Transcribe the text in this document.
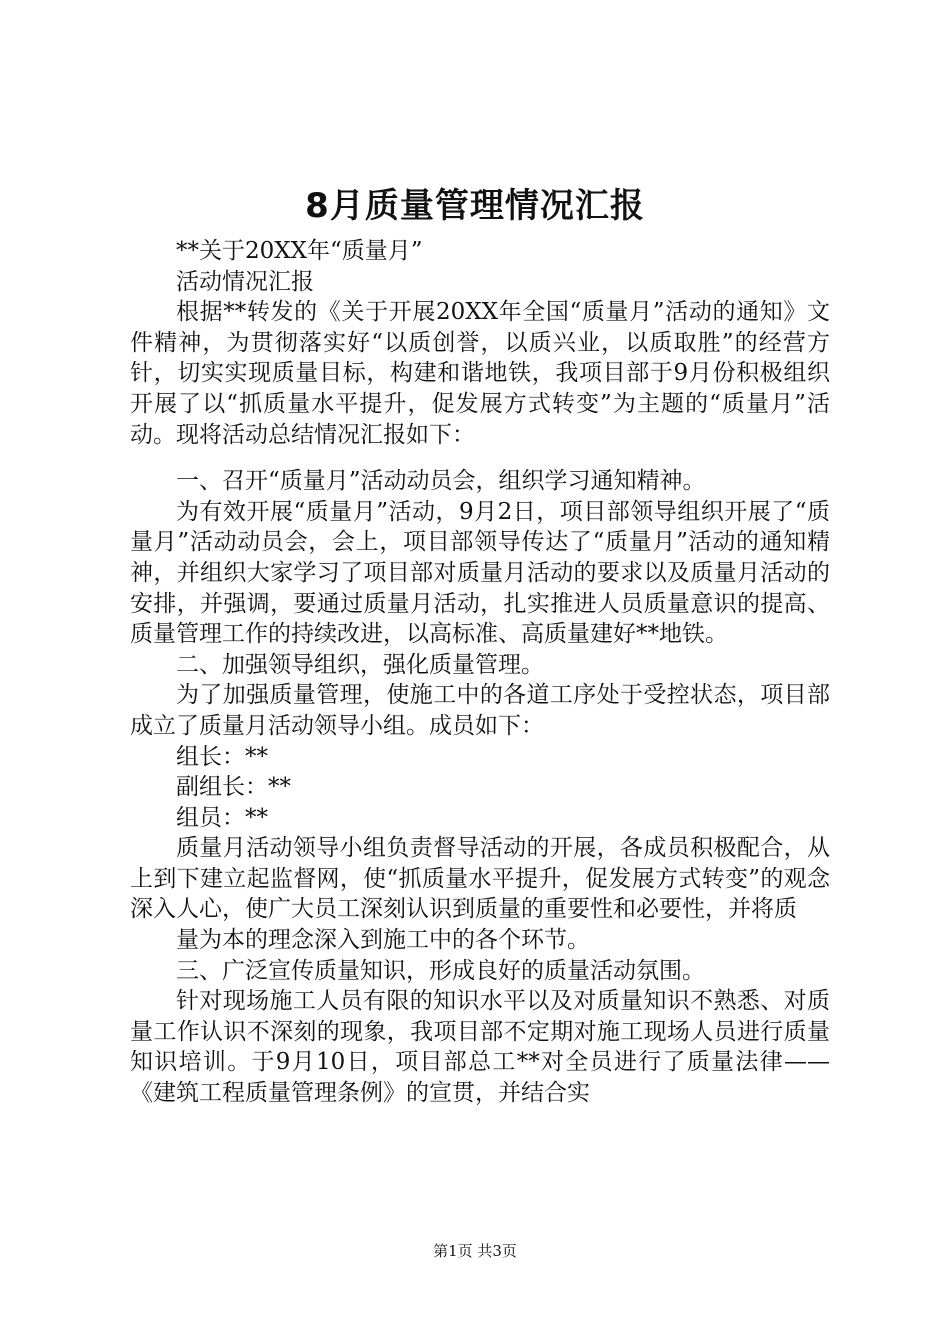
8月质量管理情况汇报

**关于20XX年“质量月”

活动情况汇报

根据**转发的《关于开展20XX年全国“质量月”活动的通知》文件精神，为贯彻落实好“以质创誉，以质兴业，以质取胜”的经营方针，切实实现质量目标，构建和谐地铁，我项目部于9月份积极组织开展了以“抓质量水平提升，促发展方式转变”为主题的“质量月”活动。现将活动总结情况汇报如下：

一、召开“质量月”活动动员会，组织学习通知精神。

为有效开展“质量月”活动，9月2日，项目部领导组织开展了“质量月”活动动员会，会上，项目部领导传达了“质量月”活动的通知精神，并组织大家学习了项目部对质量月活动的要求以及质量月活动的安排，并强调，要通过质量月活动，扎实推进人员质量意识的提高、质量管理工作的持续改进，以高标准、高质量建好**地铁。

二、加强领导组织，强化质量管理。

为了加强质量管理，使施工中的各道工序处于受控状态，项目部成立了质量月活动领导小组。成员如下：

组长：**

副组长：**

组员：**

质量月活动领导小组负责督导活动的开展，各成员积极配合，从上到下建立起监督网，使“抓质量水平提升，促发展方式转变”的观念深入人心，使广大员工深刻认识到质量的重要性和必要性，并将质

量为本的理念深入到施工中的各个环节。

三、广泛宣传质量知识，形成良好的质量活动氛围。

针对现场施工人员有限的知识水平以及对质量知识不熟悉、对质量工作认识不深刻的现象，我项目部不定期对施工现场人员进行质量知识培训。于9月10日，项目部总工**对全员进行了质量法律——《建筑工程质量管理条例》的宣贯，并结合实

第1页 共3页
